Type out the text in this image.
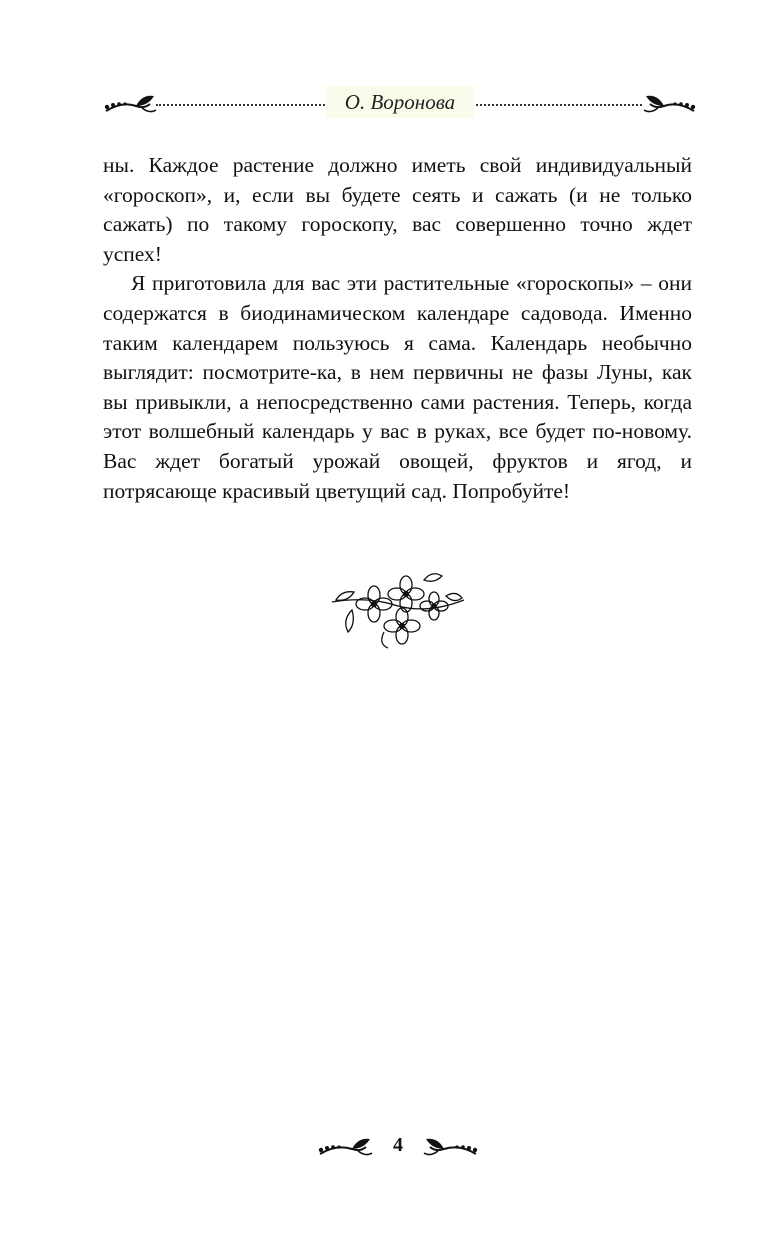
О. Воронова

ны. Каждое растение должно иметь свой индивидуальный «гороскоп», и, если вы будете сеять и сажать (и не только сажать) по такому гороскопу, вас совершенно точно ждет успех!

Я приготовила для вас эти растительные «гороскопы» – они содержатся в биодинамическом календаре садовода. Именно таким календарем пользуюсь я сама. Календарь необычно выглядит: посмотрите-ка, в нем первичны не фазы Луны, как вы привыкли, а непосредственно сами растения. Теперь, когда этот волшебный календарь у вас в руках, все будет по-новому. Вас ждет богатый урожай овощей, фруктов и ягод, и потрясающе красивый цветущий сад. Попробуйте!

4
